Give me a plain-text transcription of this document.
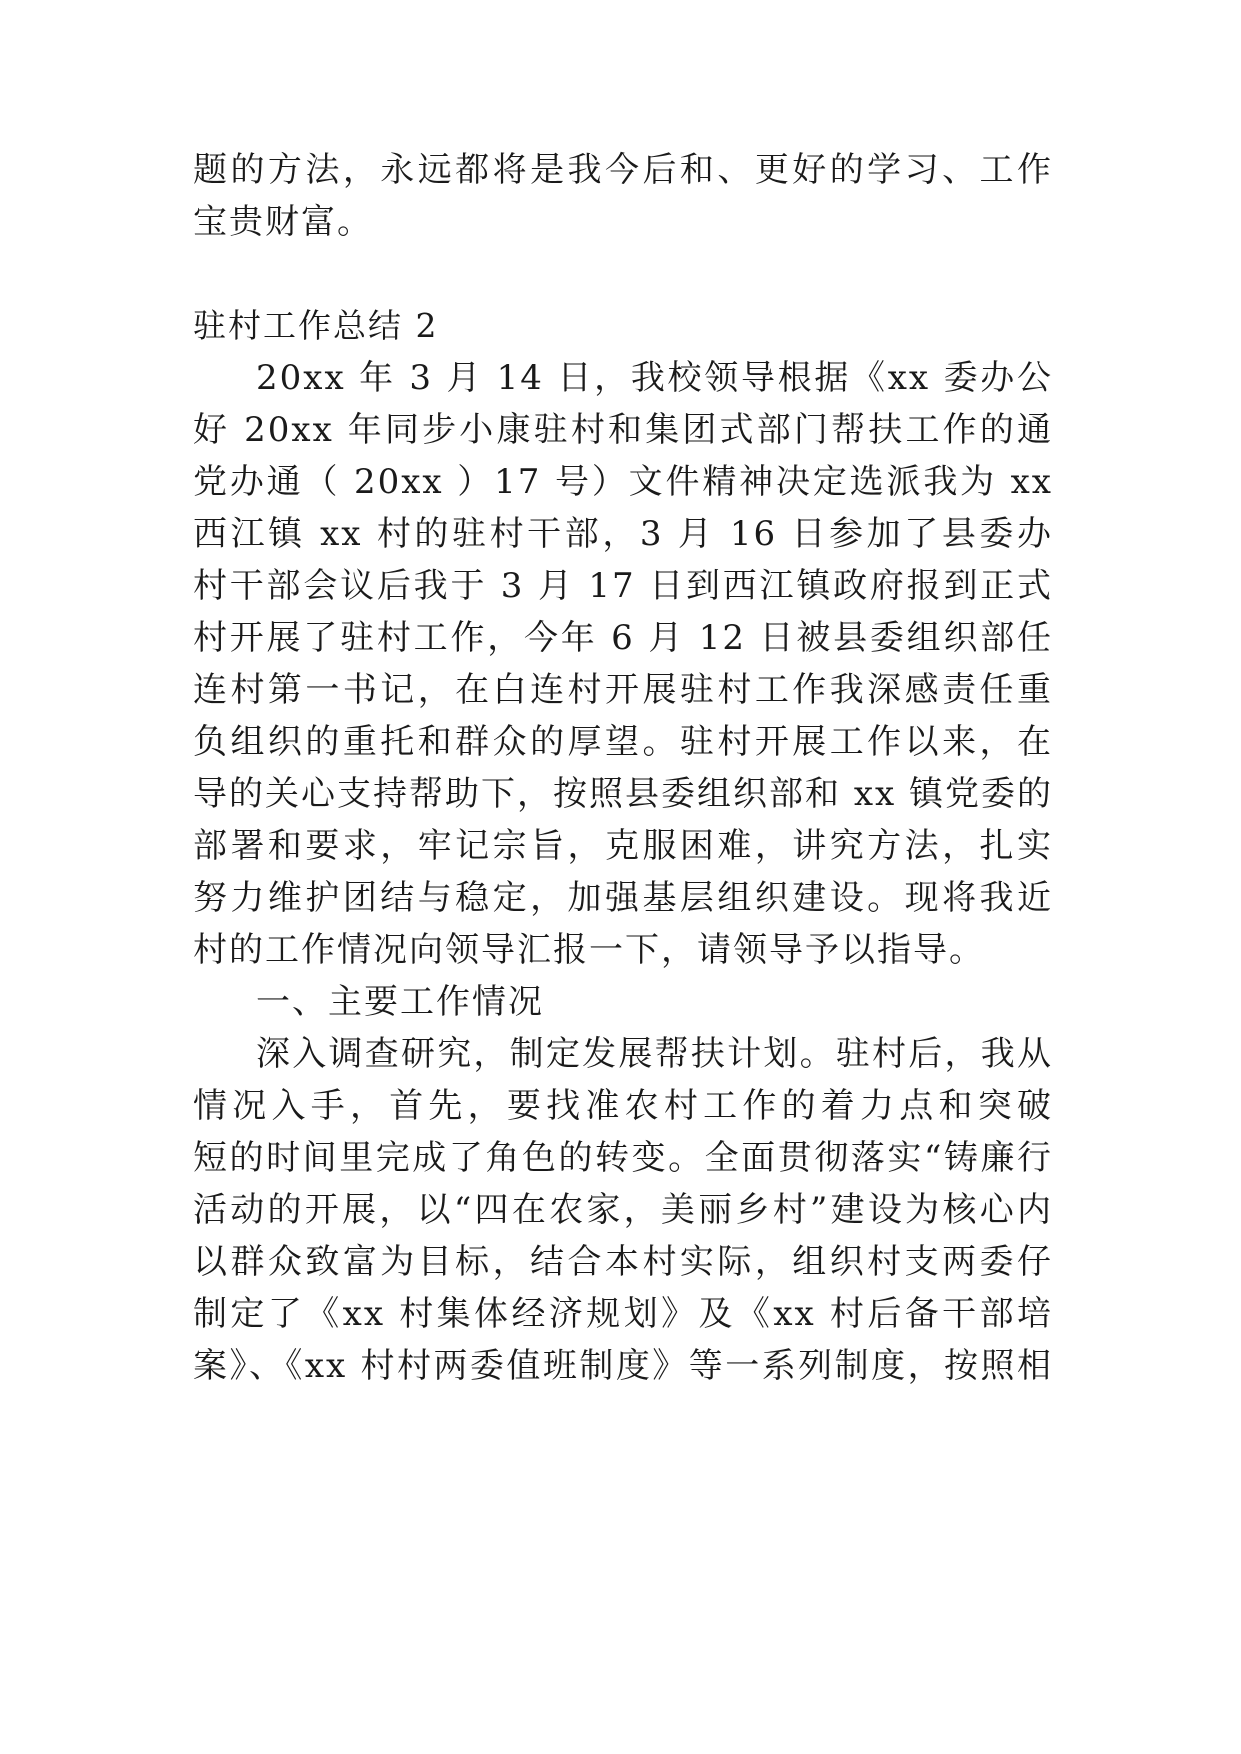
题的方法，永远都将是我今后和、更好的学习、工作
宝贵财富。
驻村工作总结 2
20xx 年 3 月 14 日，我校领导根据《xx 委办公
好 20xx 年同步小康驻村和集团式部门帮扶工作的通
党办通（ 20xx ）17 号）文件精神决定选派我为 xx
西江镇 xx 村的驻村干部，3 月 16 日参加了县委办
村干部会议后我于 3 月 17 日到西江镇政府报到正式
村开展了驻村工作，今年 6 月 12 日被县委组织部任
连村第一书记，在白连村开展驻村工作我深感责任重
负组织的重托和群众的厚望。驻村开展工作以来，在
导的关心支持帮助下，按照县委组织部和 xx 镇党委的
部署和要求，牢记宗旨，克服困难，讲究方法，扎实
努力维护团结与稳定，加强基层组织建设。现将我近
村的工作情况向领导汇报一下，请领导予以指导。
一、主要工作情况
深入调查研究，制定发展帮扶计划。驻村后，我从
情况入手，首先，要找准农村工作的着力点和突破
短的时间里完成了角色的转变。全面贯彻落实“铸廉行
活动的开展，以“四在农家，美丽乡村”建设为核心内
以群众致富为目标，结合本村实际，组织村支两委仔
制定了《xx 村集体经济规划》及《xx 村后备干部培
案》、《xx 村村两委值班制度》等一系列制度，按照相
